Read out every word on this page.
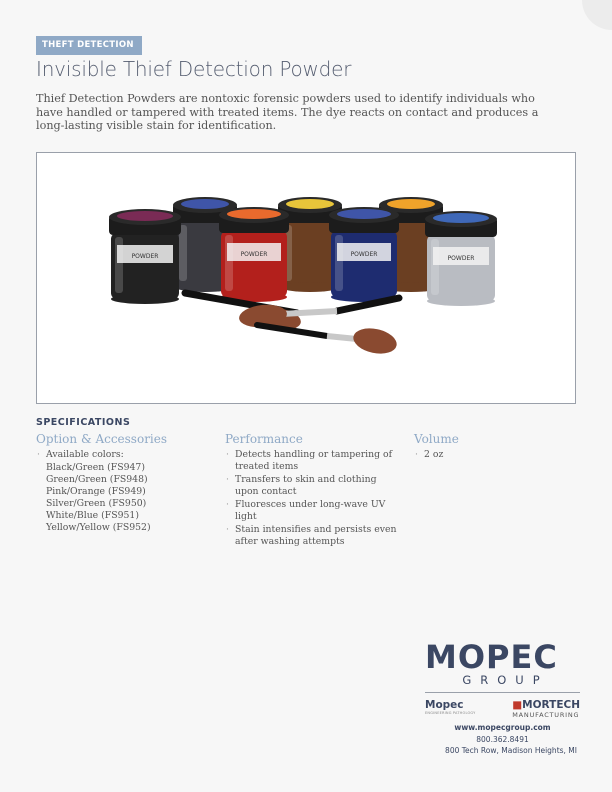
THEFT DETECTION
Invisible Thief Detection Powder
Thief Detection Powders are nontoxic forensic powders used to identify individuals who have handled or tampered with treated items. The dye reacts on contact and produces a long-lasting visible stain for identification.
POWDER	POWDER	POWDER
POWDER
SPECIFICATIONS
Option & Accessories
· Available colors:
Black/Green (FS947)
Green/Green (FS948)
Pink/Orange (FS949)
Silver/Green (FS950)
White/Blue (FS951)
Yellow/Yellow (FS952)
Performance
· Detects handling or tampering of treated items
· Transfers to skin and clothing upon contact
· Fluoresces under long-wave UV light
· Stain intensifies and persists even after washing attempts
Volume
· 2 oz
MOPEC
GROUP
Mopec
ENGINEERING PATHOLOGY
■MORTECH
MANUFACTURING
www.mopecgroup.com
800.362.8491
800 Tech Row, Madison Heights, MI
